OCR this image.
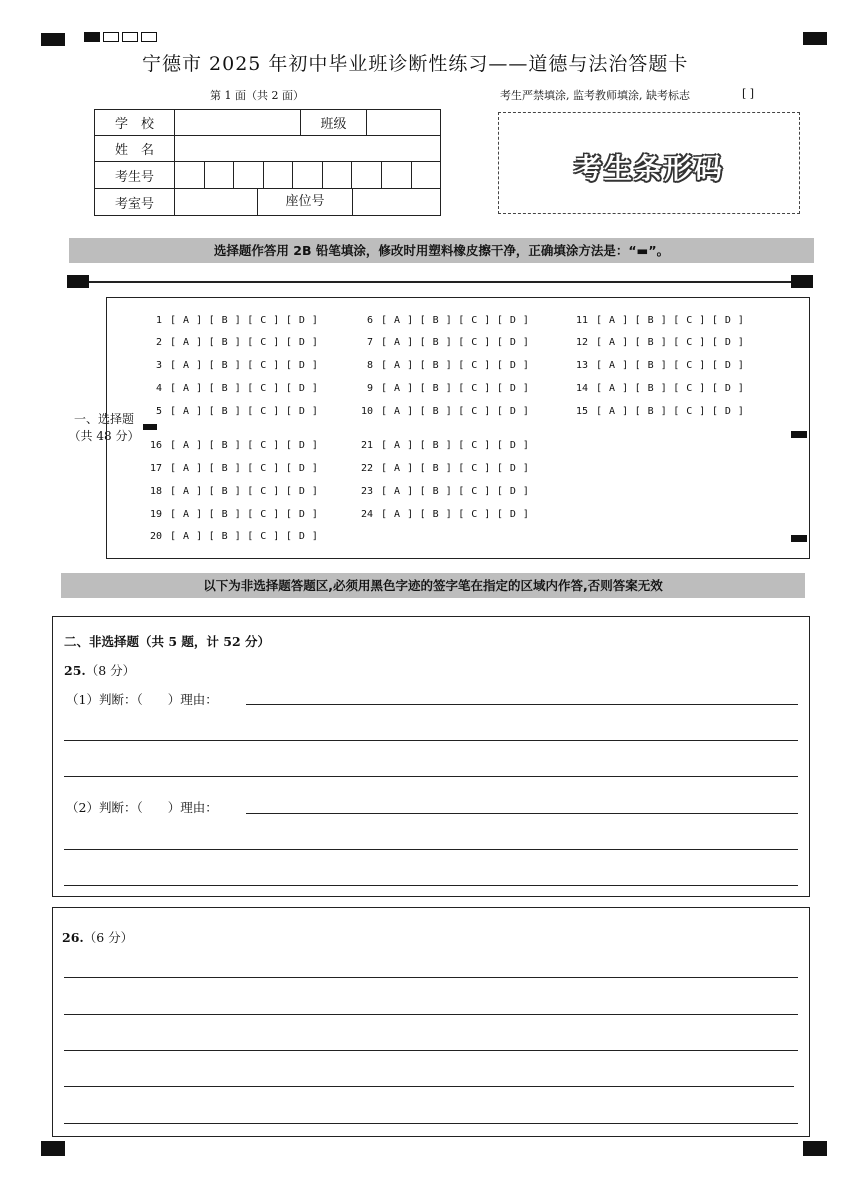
宁德市 2025 年初中毕业班诊断性练习——道德与法治答题卡
第 1 面（共 2 面）	考生严禁填涂, 监考教师填涂, 缺考标志	[ ]
学　校		班级	
姓　名			
考生号			

考室号	座位号		
考生条形码
选择题作答用 2B 铅笔填涂，修改时用塑料橡皮擦干净，正确填涂方法是：“▬”。
一、选择题
（共 48 分）
1 [ A ] [ B ] [ C ] [ D ]
2 [ A ] [ B ] [ C ] [ D ]
3 [ A ] [ B ] [ C ] [ D ]
4 [ A ] [ B ] [ C ] [ D ]
5 [ A ] [ B ] [ C ] [ D ]
6 [ A ] [ B ] [ C ] [ D ]
7 [ A ] [ B ] [ C ] [ D ]
8 [ A ] [ B ] [ C ] [ D ]
9 [ A ] [ B ] [ C ] [ D ]
10 [ A ] [ B ] [ C ] [ D ]
11 [ A ] [ B ] [ C ] [ D ]
12 [ A ] [ B ] [ C ] [ D ]
13 [ A ] [ B ] [ C ] [ D ]
14 [ A ] [ B ] [ C ] [ D ]
15 [ A ] [ B ] [ C ] [ D ]
16 [ A ] [ B ] [ C ] [ D ]
17 [ A ] [ B ] [ C ] [ D ]
18 [ A ] [ B ] [ C ] [ D ]
19 [ A ] [ B ] [ C ] [ D ]
20 [ A ] [ B ] [ C ] [ D ]
21 [ A ] [ B ] [ C ] [ D ]
22 [ A ] [ B ] [ C ] [ D ]
23 [ A ] [ B ] [ C ] [ D ]
24 [ A ] [ B ] [ C ] [ D ]
以下为非选择题答题区,必须用黑色字迹的签字笔在指定的区域内作答,否则答案无效
二、非选择题（共 5 题，计 52 分）
25.（8 分）
（1）判断：（　　）理由：
（2）判断：（　　）理由：
26.（6 分）
